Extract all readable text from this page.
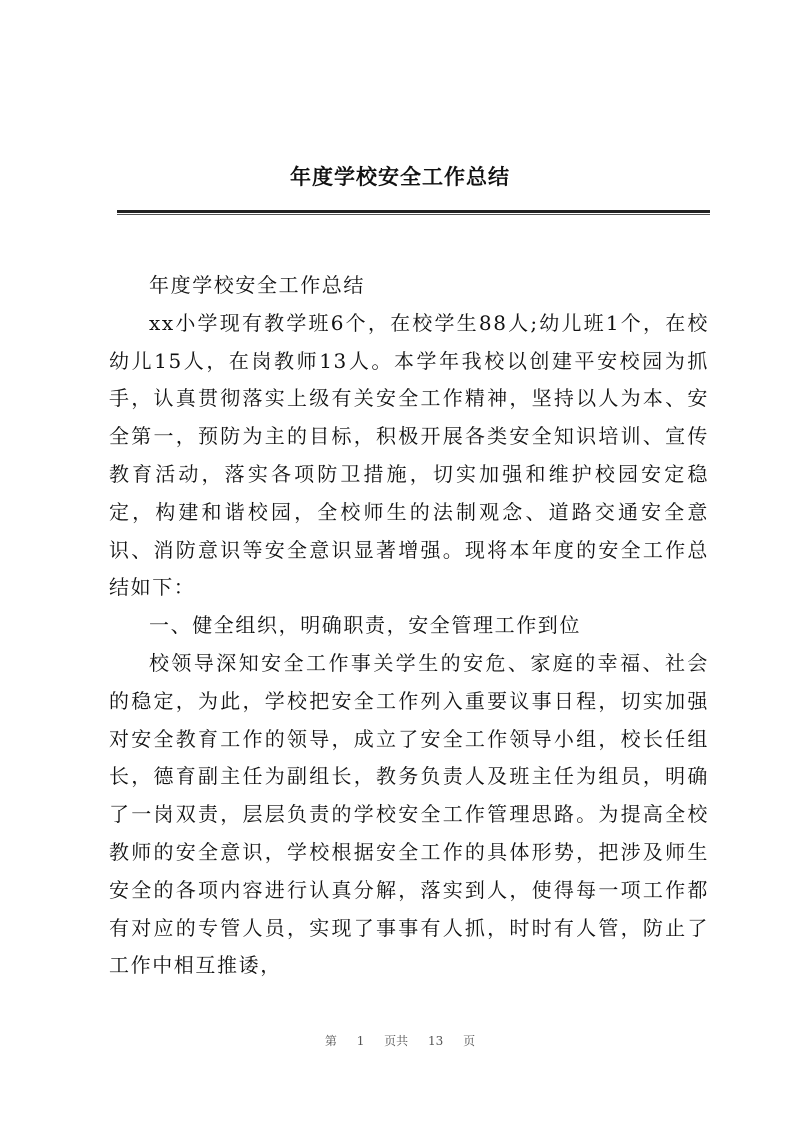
年度学校安全工作总结

年度学校安全工作总结

xx小学现有教学班6个，在校学生88人;幼儿班1个，在校幼儿15人，在岗教师13人。本学年我校以创建平安校园为抓手，认真贯彻落实上级有关安全工作精神，坚持以人为本、安全第一，预防为主的目标，积极开展各类安全知识培训、宣传教育活动，落实各项防卫措施，切实加强和维护校园安定稳定，构建和谐校园，全校师生的法制观念、道路交通安全意识、消防意识等安全意识显著增强。现将本年度的安全工作总结如下：

一、健全组织，明确职责，安全管理工作到位

校领导深知安全工作事关学生的安危、家庭的幸福、社会的稳定，为此，学校把安全工作列入重要议事日程，切实加强对安全教育工作的领导，成立了安全工作领导小组，校长任组长，德育副主任为副组长，教务负责人及班主任为组员，明确了一岗双责，层层负责的学校安全工作管理思路。为提高全校教师的安全意识，学校根据安全工作的具体形势，把涉及师生安全的各项内容进行认真分解，落实到人，使得每一项工作都有对应的专管人员，实现了事事有人抓，时时有人管，防止了工作中相互推诿，

第 1 页共 13 页
